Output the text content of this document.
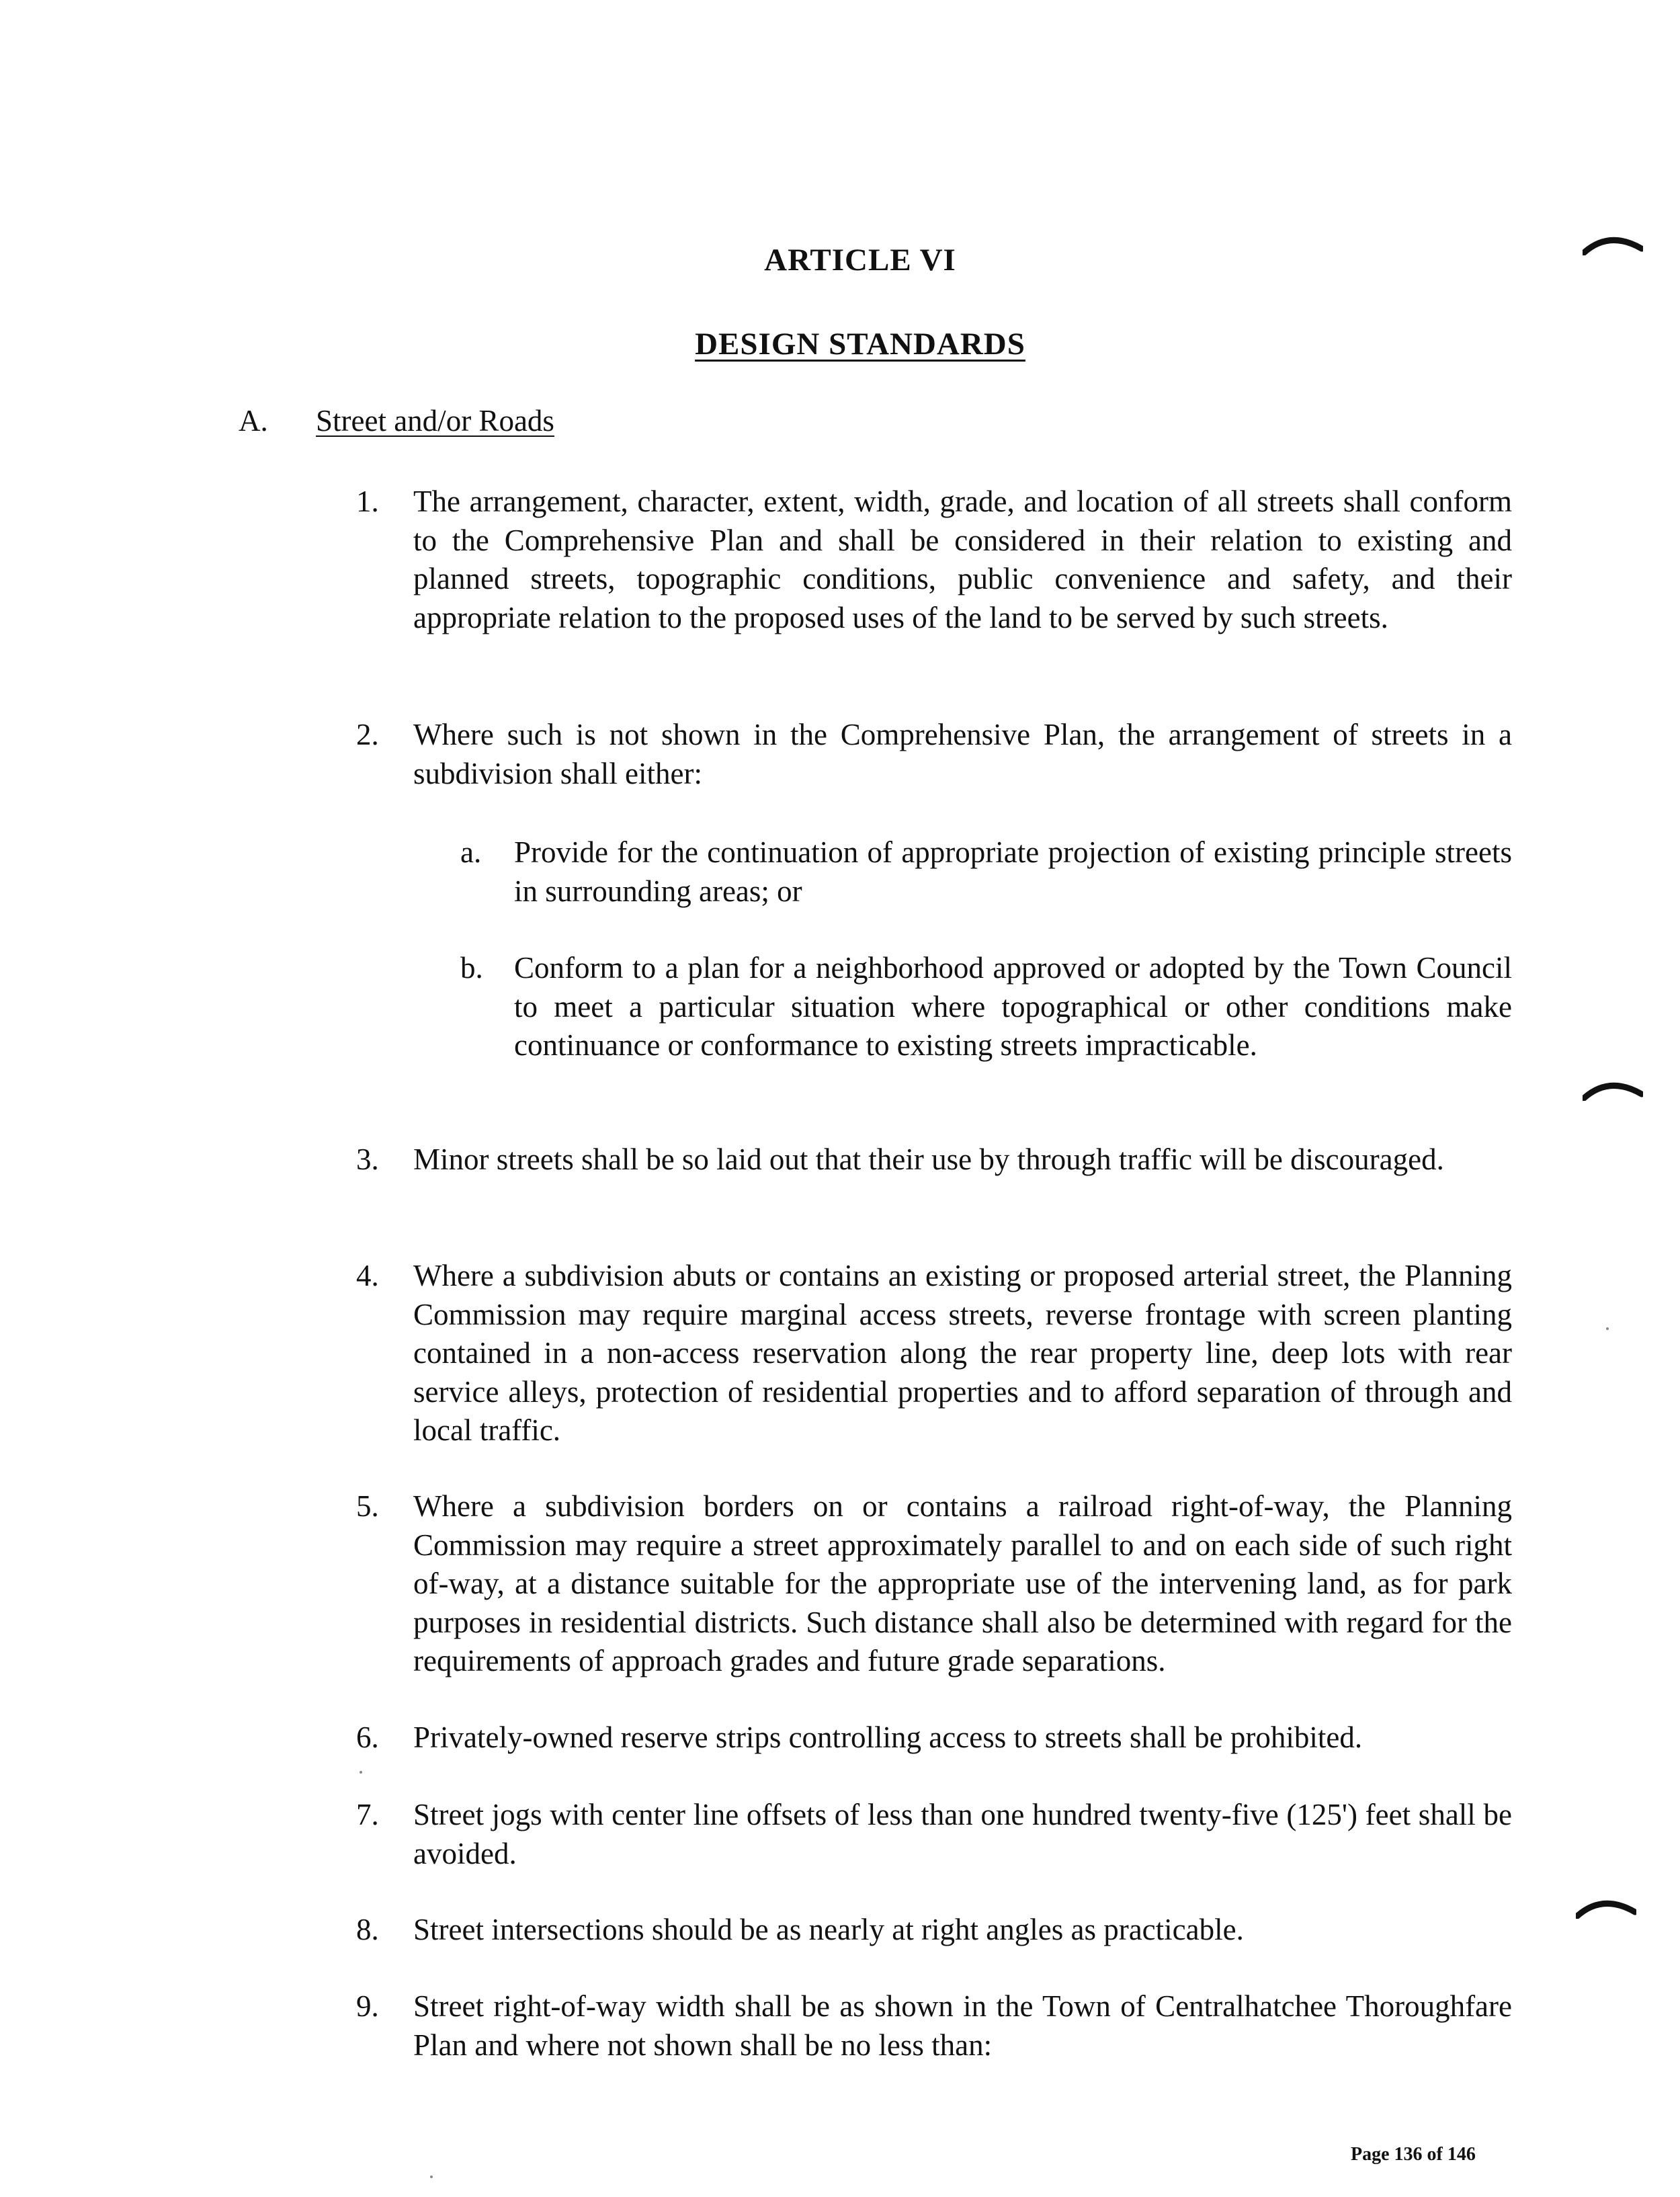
ARTICLE VI
DESIGN STANDARDS
A. Street and/or Roads
1.	The arrangement, character, extent, width, grade, and location of all streets shall conform to the Comprehensive Plan and shall be considered in their relation to existing and planned streets, topographic conditions, public convenience and safety, and their appropriate relation to the proposed uses of the land to be served by such streets.
2.	Where such is not shown in the Comprehensive Plan, the arrangement of streets in a subdivision shall either:
a.	Provide for the continuation of appropriate projection of existing principle streets in surrounding areas; or
b.	Conform to a plan for a neighborhood approved or adopted by the Town Council to meet a particular situation where topographical or other conditions make continuance or conformance to existing streets impracticable.
3.	Minor streets shall be so laid out that their use by through traffic will be discouraged.
4.	Where a subdivision abuts or contains an existing or proposed arterial street, the Planning Commission may require marginal access streets, reverse frontage with screen planting contained in a non-access reservation along the rear property line, deep lots with rear service alleys, protection of residential properties and to afford separation of through and local traffic.
5.	Where a subdivision borders on or contains a railroad right-of-way, the Planning Commission may require a street approximately parallel to and on each side of such right of-way, at a distance suitable for the appropriate use of the intervening land, as for park purposes in residential districts. Such distance shall also be determined with regard for the requirements of approach grades and future grade separations.
6.	Privately-owned reserve strips controlling access to streets shall be prohibited.
7.	Street jogs with center line offsets of less than one hundred twenty-five (125') feet shall be avoided.
8.	Street intersections should be as nearly at right angles as practicable.
9.	Street right-of-way width shall be as shown in the Town of Centralhatchee Thoroughfare Plan and where not shown shall be no less than:
Page 136 of 146
